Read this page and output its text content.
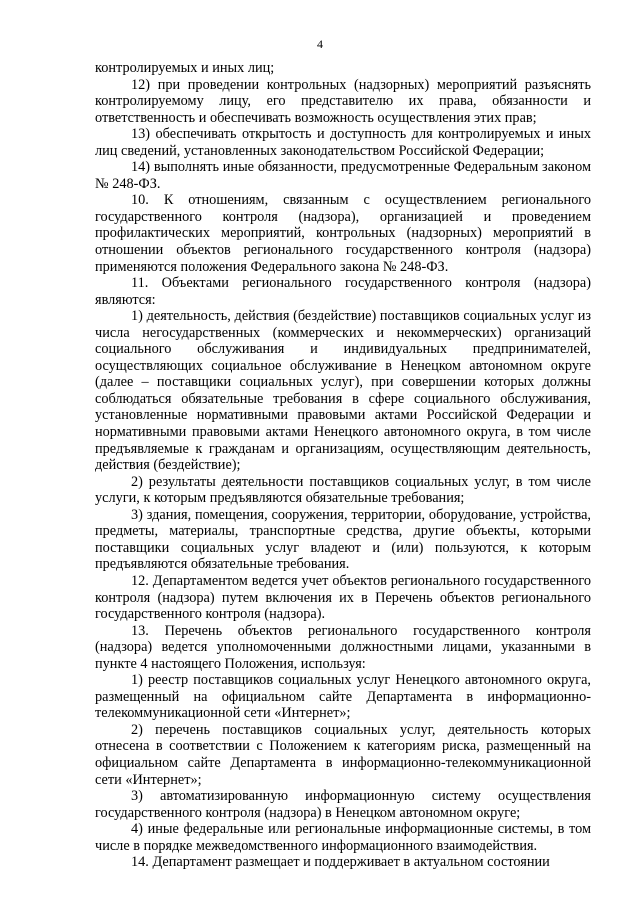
4

контролируемых и иных лиц;

12) при проведении контрольных (надзорных) мероприятий разъяснять контролируемому лицу, его представителю их права, обязанности и ответственность и обеспечивать возможность осуществления этих прав;

13) обеспечивать открытость и доступность для контролируемых и иных лиц сведений, установленных законодательством Российской Федерации;

14) выполнять иные обязанности, предусмотренные Федеральным законом № 248-ФЗ.

10. К отношениям, связанным с осуществлением регионального государственного контроля (надзора), организацией и проведением профилактических мероприятий, контрольных (надзорных) мероприятий в отношении объектов регионального государственного контроля (надзора) применяются положения Федерального закона № 248-ФЗ.

11. Объектами регионального государственного контроля (надзора) являются:

1) деятельность, действия (бездействие) поставщиков социальных услуг из числа негосударственных (коммерческих и некоммерческих) организаций социального обслуживания и индивидуальных предпринимателей, осуществляющих социальное обслуживание в Ненецком автономном округе (далее – поставщики социальных услуг), при совершении которых должны соблюдаться обязательные требования в сфере социального обслуживания, установленные нормативными правовыми актами Российской Федерации и нормативными правовыми актами Ненецкого автономного округа, в том числе предъявляемые к гражданам и организациям, осуществляющим деятельность, действия (бездействие);

2) результаты деятельности поставщиков социальных услуг, в том числе услуги, к которым предъявляются обязательные требования;

3) здания, помещения, сооружения, территории, оборудование, устройства, предметы, материалы, транспортные средства, другие объекты, которыми поставщики социальных услуг владеют и (или) пользуются, к которым предъявляются обязательные требования.

12. Департаментом ведется учет объектов регионального государственного контроля (надзора) путем включения их в Перечень объектов регионального государственного контроля (надзора).

13. Перечень объектов регионального государственного контроля (надзора) ведется уполномоченными должностными лицами, указанными в пункте 4 настоящего Положения, используя:

1) реестр поставщиков социальных услуг Ненецкого автономного округа, размещенный на официальном сайте Департамента в информационно-телекоммуникационной сети «Интернет»;

2) перечень поставщиков социальных услуг, деятельность которых отнесена в соответствии с Положением к категориям риска, размещенный на официальном сайте Департамента в информационно-телекоммуникационной сети «Интернет»;

3) автоматизированную информационную систему осуществления государственного контроля (надзора) в Ненецком автономном округе;

4) иные федеральные или региональные информационные системы, в том числе в порядке межведомственного информационного взаимодействия.

14. Департамент размещает и поддерживает в актуальном состоянии
